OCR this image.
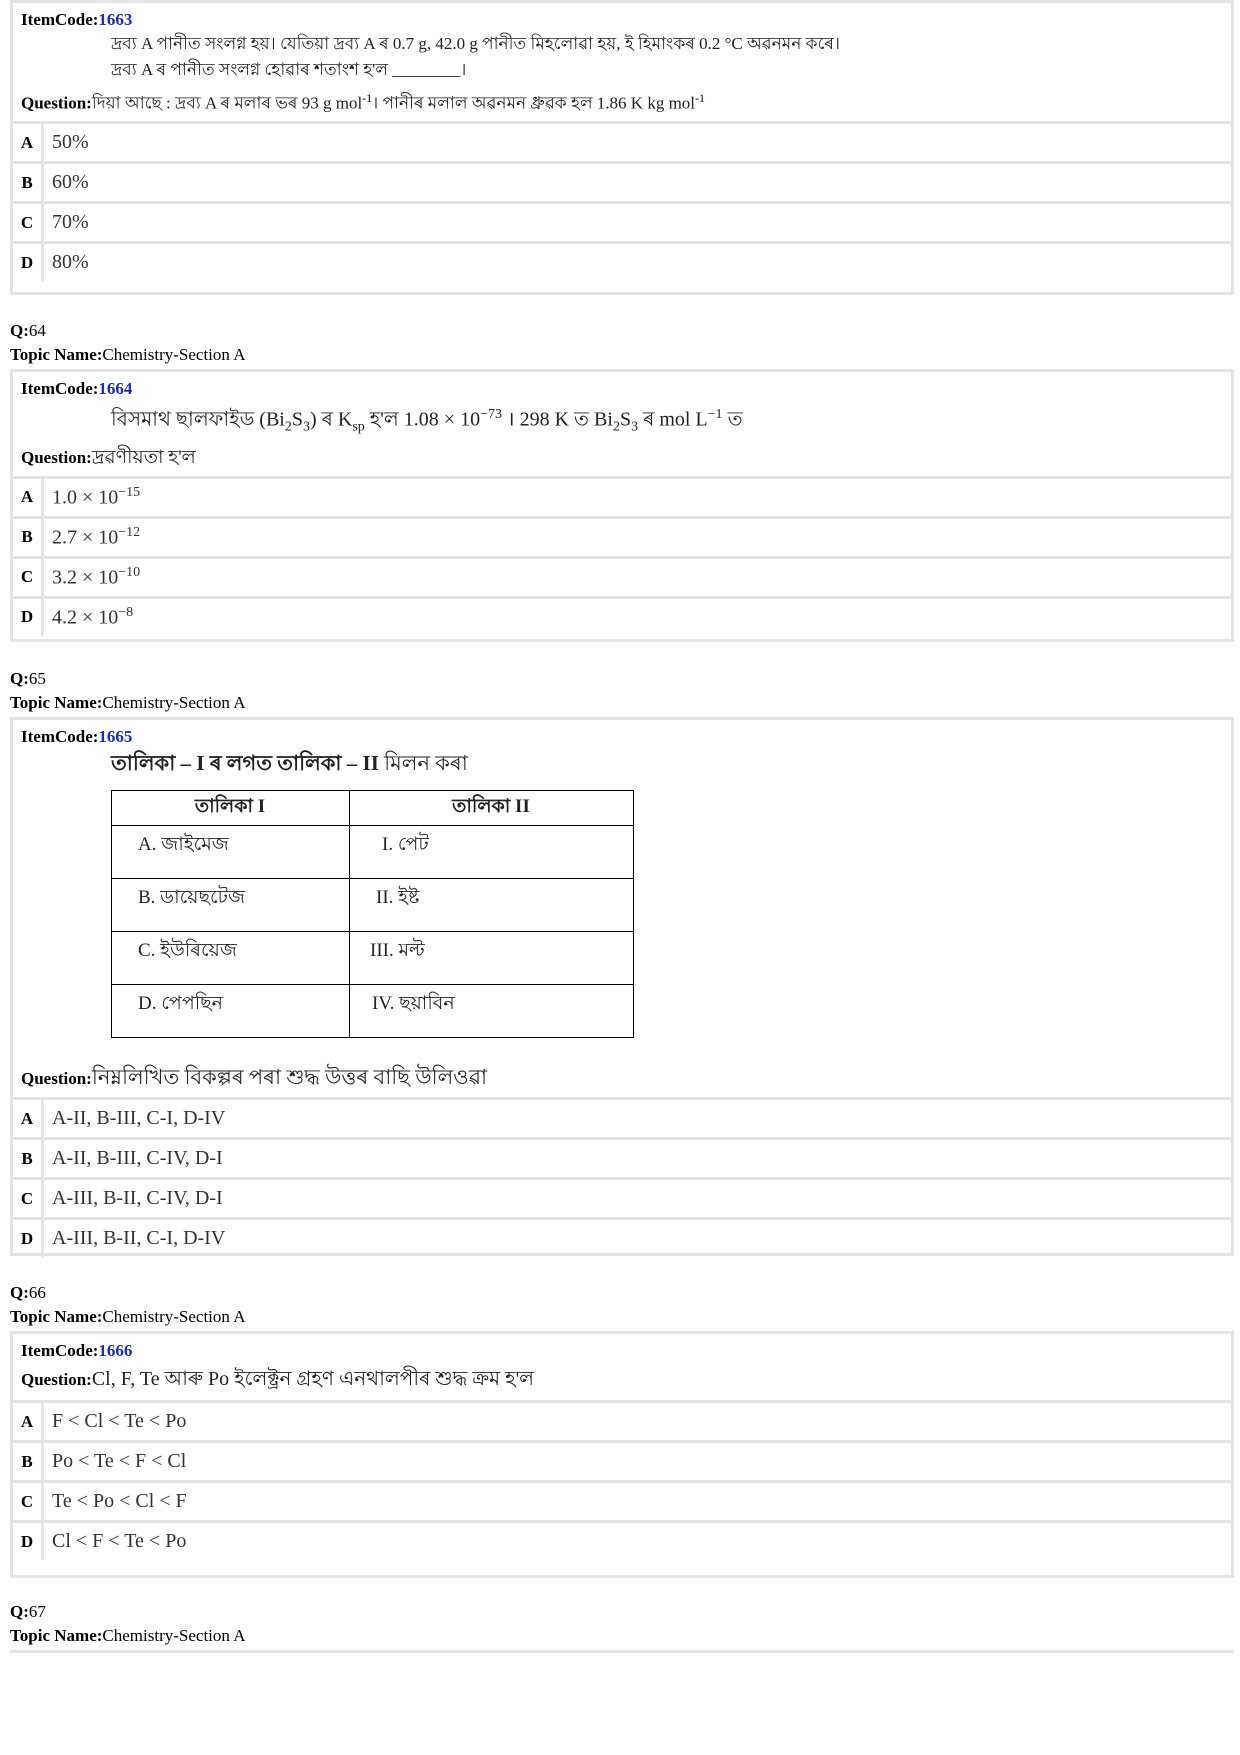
ItemCode:1663
দ্ৰব্য A পানীত সংলগ্ন হয়। যেতিয়া দ্ৰব্য A ৰ 0.7 g, 42.0 g পানীত মিহলোৱা হয়, ই হিমাংকৰ 0.2 °C অৱনমন কৰে।
দ্ৰব্য A ৰ পানীত সংলগ্ন হোৱাৰ শতাংশ হ'ল ________।
Question:দিয়া আছে : দ্ৰব্য A ৰ মলাৰ ভৰ 93 g mol$^{-1}$। পানীৰ মলাল অৱনমন ধ্ৰুৱক হল 1.86 K kg mol$^{-1}$
A 50%
B 60%
C 70%
D 80%
Q:64
Topic Name:Chemistry-Section A
ItemCode:1664
বিসমাথ ছালফাইড $(Bi_2S_3)$ ৰ $K_{sp}$ হ'ল $1.08 \times 10^{-73}$ । 298 K ত $Bi_2S_3$ ৰ mol $L^{-1}$ ত
Question:দ্ৰৱণীয়তা হ'ল
A $1.0 \times 10^{-15}$
B $2.7 \times 10^{-12}$
C $3.2 \times 10^{-10}$
D $4.2 \times 10^{-8}$
Q:65
Topic Name:Chemistry-Section A
ItemCode:1665
তালিকা – I ৰ লগত তালিকা – II মিলন কৰা
তালিকা I	তালিকা II
A. জাইমেজ	I. পেট
B. ডায়েছটেজ	II. ইষ্ট
C. ইউৰিয়েজ	III. মল্ট
D. পেপছিন	IV. ছয়াবিন
Question:নিম্নলিখিত বিকল্পৰ পৰা শুদ্ধ উত্তৰ বাছি উলিওৱা
A A-II, B-III, C-I, D-IV
B A-II, B-III, C-IV, D-I
C A-III, B-II, C-IV, D-I
D A-III, B-II, C-I, D-IV
Q:66
Topic Name:Chemistry-Section A
ItemCode:1666
Question:Cl, F, Te আৰু Po ইলেক্ট্ৰন গ্ৰহণ এনথালপীৰ শুদ্ধ ক্ৰম হ'ল
A F < Cl < Te < Po
B Po < Te < F < Cl
C Te < Po < Cl < F
D Cl < F < Te < Po
Q:67
Topic Name:Chemistry-Section A
